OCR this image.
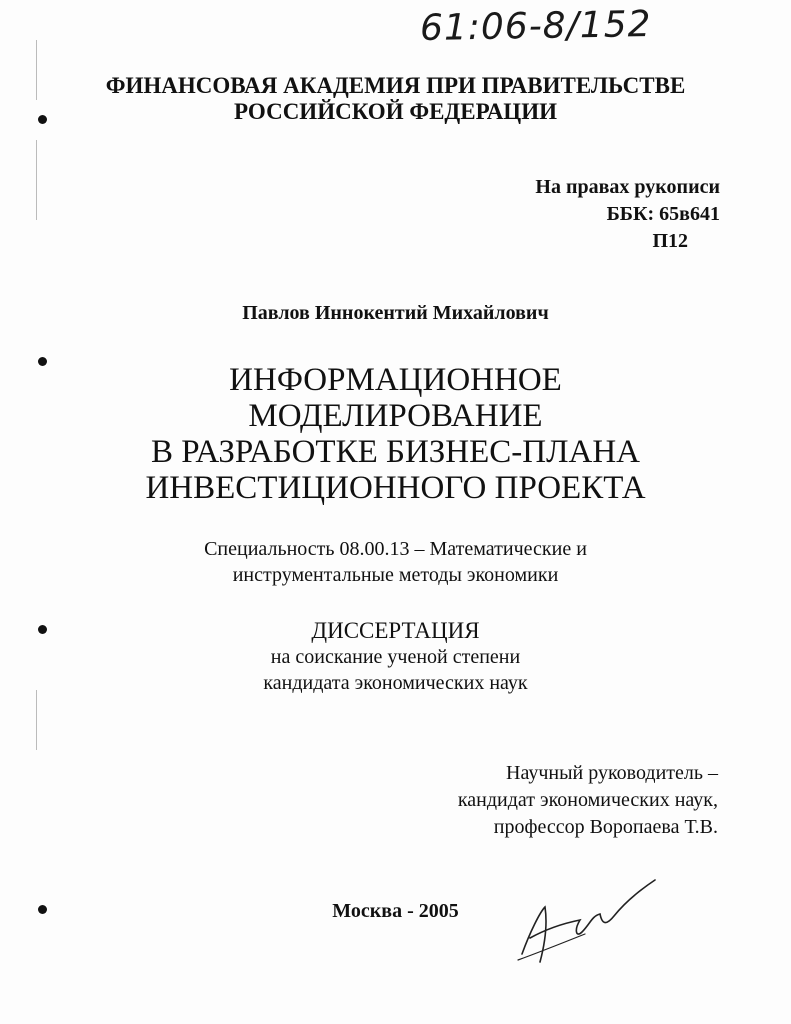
61:06-8/152
ФИНАНСОВАЯ АКАДЕМИЯ ПРИ ПРАВИТЕЛЬСТВЕ
РОССИЙСКОЙ ФЕДЕРАЦИИ
На правах рукописи
ББК: 65в641
П12
Павлов Иннокентий Михайлович
ИНФОРМАЦИОННОЕ
МОДЕЛИРОВАНИЕ
В РАЗРАБОТКЕ БИЗНЕС-ПЛАНА
ИНВЕСТИЦИОННОГО ПРОЕКТА
Специальность 08.00.13 – Математические и
инструментальные методы экономики
ДИССЕРТАЦИЯ
на соискание ученой степени
кандидата экономических наук
Научный руководитель –
кандидат экономических наук,
профессор Воропаева Т.В.
Москва - 2005
